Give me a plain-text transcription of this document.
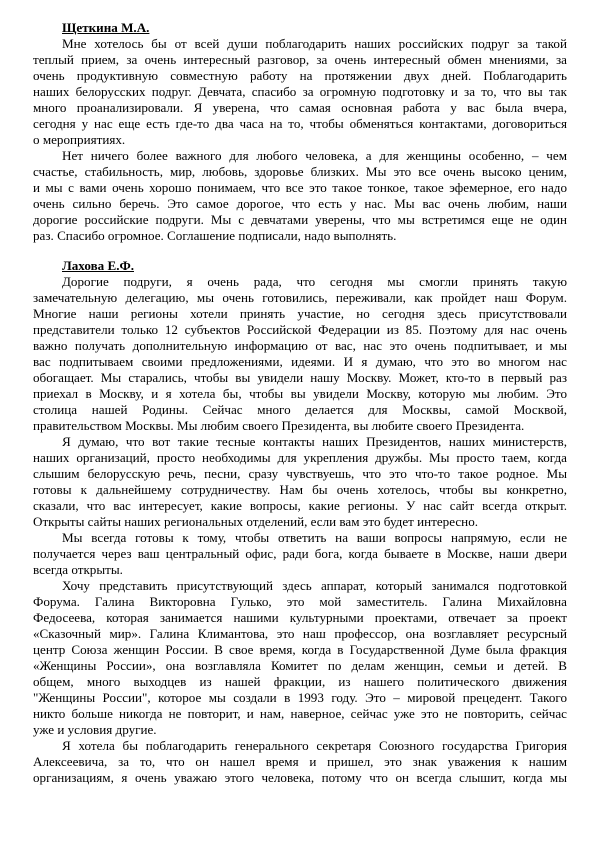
Щеткина М.А.
Мне хотелось бы от всей души поблагодарить наших российских подруг за такой
теплый прием, за очень интересный разговор, за очень интересный обмен мнениями, за
очень продуктивную совместную работу на протяжении двух дней. Поблагодарить
наших белорусских подруг. Девчата, спасибо за огромную подготовку и за то, что вы так
много проанализировали. Я уверена, что самая основная работа у вас была вчера,
сегодня у нас еще есть где-то два часа на то, чтобы обменяться контактами, договориться
о мероприятиях.
Нет ничего более важного для любого человека, а для женщины особенно, – чем
счастье, стабильность, мир, любовь, здоровье близких. Мы это все очень высоко ценим,
и мы с вами очень хорошо понимаем, что все это такое тонкое, такое эфемерное, его надо
очень сильно беречь. Это самое дорогое, что есть у нас. Мы вас очень любим, наши
дорогие российские подруги. Мы с девчатами уверены, что мы встретимся еще не один
раз. Спасибо огромное. Соглашение подписали, надо выполнять.
Лахова Е.Ф.
Дорогие подруги, я очень рада, что сегодня мы смогли принять такую
замечательную делегацию, мы очень готовились, переживали, как пройдет наш Форум.
Многие наши регионы хотели принять участие, но сегодня здесь присутствовали
представители только 12 субъектов Российской Федерации из 85. Поэтому для нас очень
важно получать дополнительную информацию от вас, нас это очень подпитывает, и мы
вас подпитываем своими предложениями, идеями. И я думаю, что это во многом нас
обогащает. Мы старались, чтобы вы увидели нашу Москву. Может, кто-то в первый раз
приехал в Москву, и я хотела бы, чтобы вы увидели Москву, которую мы любим. Это
столица нашей Родины. Сейчас много делается для Москвы, самой Москвой,
правительством Москвы. Мы любим своего Президента, вы любите своего Президента.
Я думаю, что вот такие тесные контакты наших Президентов, наших министерств,
наших организаций, просто необходимы для укрепления дружбы. Мы просто таем, когда
слышим белорусскую речь, песни, сразу чувствуешь, что это что-то такое родное. Мы
готовы к дальнейшему сотрудничеству. Нам бы очень хотелось, чтобы вы конкретно,
сказали, что вас интересует, какие вопросы, какие регионы. У нас сайт всегда открыт.
Открыты сайты наших региональных отделений, если вам это будет интересно.
Мы всегда готовы к тому, чтобы ответить на ваши вопросы напрямую, если не
получается через ваш центральный офис, ради бога, когда бываете в Москве, наши двери
всегда открыты.
Хочу представить присутствующий здесь аппарат, который занимался подготовкой
Форума. Галина Викторовна Гулько, это мой заместитель. Галина Михайловна
Федосеева, которая занимается нашими культурными проектами, отвечает за проект
«Сказочный мир». Галина Климантова, это наш профессор, она возглавляет ресурсный
центр Союза женщин России. В свое время, когда в Государственной Думе была фракция
«Женщины России», она возглавляла Комитет по делам женщин, семьи и детей. В
общем, много выходцев из нашей фракции, из нашего политического движения
"Женщины России", которое мы создали в 1993 году. Это – мировой прецедент. Такого
никто больше никогда не повторит, и нам, наверное, сейчас уже это не повторить, сейчас
уже и условия другие.
Я хотела бы поблагодарить генерального секретаря Союзного государства Григория
Алексеевича, за то, что он нашел время и пришел, это знак уважения к нашим
организациям, я очень уважаю этого человека, потому что он всегда слышит, когда мы
